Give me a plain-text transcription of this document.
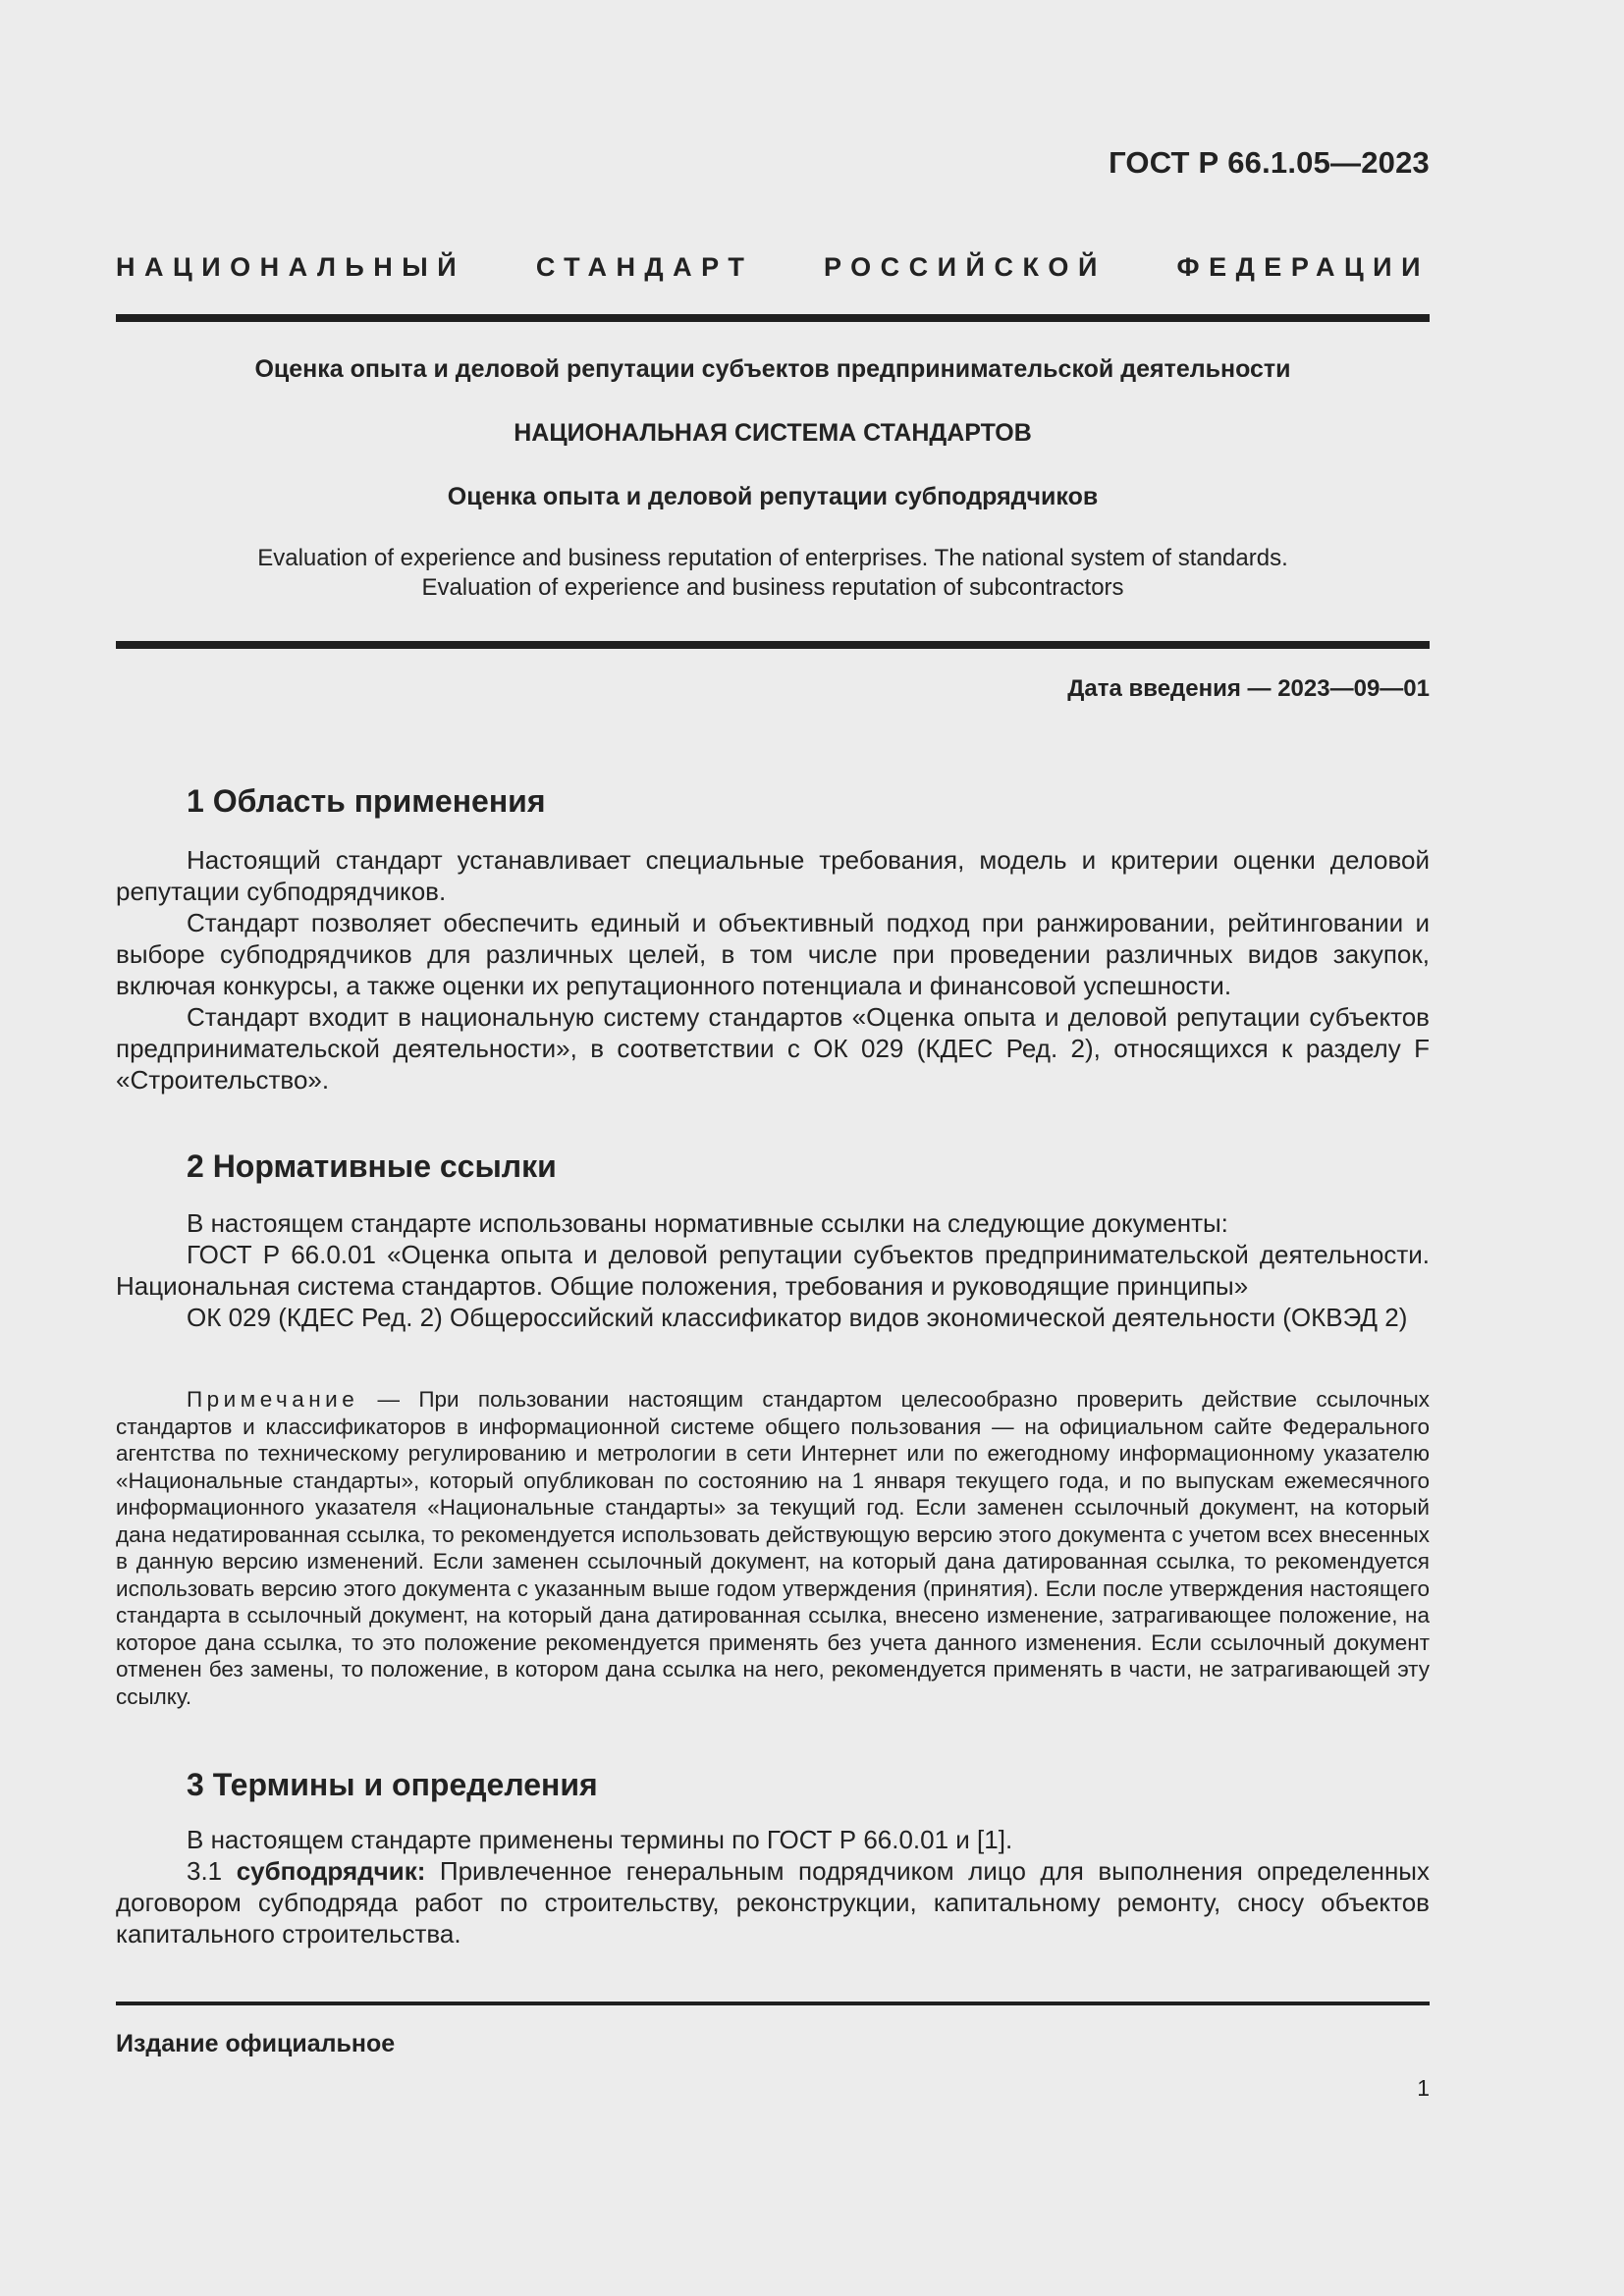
ГОСТ Р 66.1.05—2023
НАЦИОНАЛЬНЫЙ СТАНДАРТ РОССИЙСКОЙ ФЕДЕРАЦИИ
Оценка опыта и деловой репутации субъектов предпринимательской деятельности
НАЦИОНАЛЬНАЯ СИСТЕМА СТАНДАРТОВ
Оценка опыта и деловой репутации субподрядчиков
Evaluation of experience and business reputation of enterprises. The national system of standards.
Evaluation of experience and business reputation of subcontractors
Дата введения — 2023—09—01
1 Область применения

Настоящий стандарт устанавливает специальные требования, модель и критерии оценки деловой репутации субподрядчиков.

Стандарт позволяет обеспечить единый и объективный подход при ранжировании, рейтинговании и выборе субподрядчиков для различных целей, в том числе при проведении различных видов закупок, включая конкурсы, а также оценки их репутационного потенциала и финансовой успешности.

Стандарт входит в национальную систему стандартов «Оценка опыта и деловой репутации субъектов предпринимательской деятельности», в соответствии с ОК 029 (КДЕС Ред. 2), относящихся к разделу F «Строительство».

2 Нормативные ссылки

В настоящем стандарте использованы нормативные ссылки на следующие документы:

ГОСТ Р 66.0.01 «Оценка опыта и деловой репутации субъектов предпринимательской деятельности. Национальная система стандартов. Общие положения, требования и руководящие принципы»

ОК 029 (КДЕС Ред. 2) Общероссийский классификатор видов экономической деятельности (ОКВЭД 2)

Примечание — При пользовании настоящим стандартом целесообразно проверить действие ссылочных стандартов и классификаторов в информационной системе общего пользования — на официальном сайте Федерального агентства по техническому регулированию и метрологии в сети Интернет или по ежегодному информационному указателю «Национальные стандарты», который опубликован по состоянию на 1 января текущего года, и по выпускам ежемесячного информационного указателя «Национальные стандарты» за текущий год. Если заменен ссылочный документ, на который дана недатированная ссылка, то рекомендуется использовать действующую версию этого документа с учетом всех внесенных в данную версию изменений. Если заменен ссылочный документ, на который дана датированная ссылка, то рекомендуется использовать версию этого документа с указанным выше годом утверждения (принятия). Если после утверждения настоящего стандарта в ссылочный документ, на который дана датированная ссылка, внесено изменение, затрагивающее положение, на которое дана ссылка, то это положение рекомендуется применять без учета данного изменения. Если ссылочный документ отменен без замены, то положение, в котором дана ссылка на него, рекомендуется применять в части, не затрагивающей эту ссылку.
3 Термины и определения

В настоящем стандарте применены термины по ГОСТ Р 66.0.01 и [1].

3.1 субподрядчик: Привлеченное генеральным подрядчиком лицо для выполнения определенных договором субподряда работ по строительству, реконструкции, капитальному ремонту, сносу объектов капитального строительства.

Издание официальное
1
